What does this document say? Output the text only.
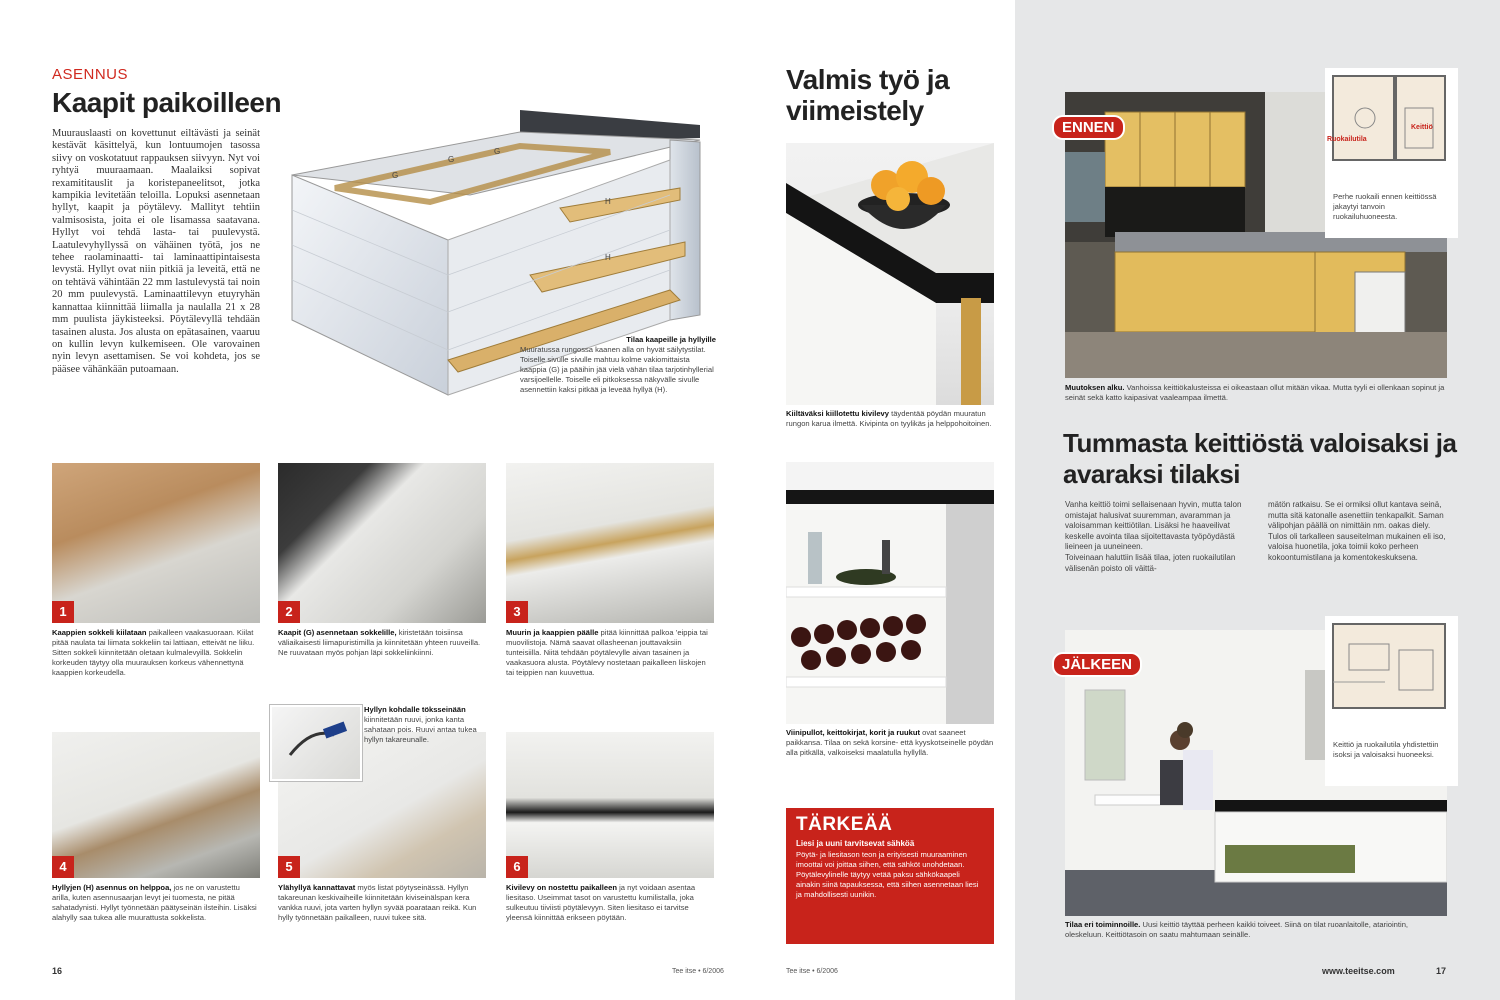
ASENNUS
Kaapit paikoilleen
Muurauslaasti on kovettunut eiltävästi ja seinät kestävät käsittelyä, kun lontuumojen tasossa siivy on voskotatuut rappauksen siivyyn. Nyt voi ryhtyä muuraamaan. Maalaiksi sopivat rexamititauslit ja koristepaneelitsot, jotka kampikia levitetään teloilla. Lopuksi asennetaan hyllyt, kaapit ja pöytälevy. Mallityt tehtiin valmisosista, joita ei ole lisamassa saatavana. Hyllyt voi tehdä lasta- tai puulevystä. Laatulevyhyllyssä on vähäinen työtä, jos ne tehee raolaminaatti- tai laminaattipintaisesta levystä. Hyllyt ovat niin pitkiä ja leveitä, että ne on tehtävä vähintään 22 mm lastulevystä tai noin 20 mm puulevystä. Laminaattilevyn etuyryhän kannattaa kiinnittää liimalla ja naulalla 21 x 28 mm puulista jäykisteeksi. Pöytälevyllä tehdään tasainen alusta. Jos alusta on epätasainen, vaaruu on kullin levyn kulkemiseen. Ole varovainen nyin levyn asettamisen. Se voi kohdeta, jos se pääsee vähänkään putoamaan.
G
G
G
H
H
Tilaa kaapeille ja hyllyille
Muuratussa rungossa kaanen alla on hyvät säilytystilat. Toiselle sivulle sivulle mahtuu kolme vakiomittaista kaappia (G) ja pääihin jää vielä vähän tilaa tarjotinhyllerial varsijoellelle. Toiselle eli pitkoksessa näkyvälle sivulle asennettiin kaksi pitkää ja leveää hyllyä (H).
1	2	3
Kaappien sokkeli kiilataan paikalleen vaakasuoraan. Kiilat pitää naulata tai liimata sokkeliin tai lattiaan, etteivät ne liiku. Sitten sokkeli kiinnitetään oletaan kulmalevyillä. Sokkelin korkeuden täytyy olla muurauksen korkeus vähennettynä kaappien korkeudella.
Kaapit (G) asennetaan sokkelille, kiristetään toisiinsa väliaikaisesti liimapuristimilla ja kiinnitetään yhteen ruuveilla. Ne ruuvataan myös pohjan läpi sokkeliinkiinni.
Muurin ja kaappien päälle pitää kiinnittää palkoa ’eippia tai muovilistoja. Nämä saavat ollasheenan jouttavaksiin tunteisiilla. Niitä tehdään pöytälevylle aivan tasainen ja vaakasuora alusta. Pöytälevy nostetaan paikalleen liiskojen tai teippien nan kuuvettua.
4	5
Hyllyn kohdalle töksseinään kiinnitetään ruuvi, jonka kanta sahataan pois. Ruuvi antaa tukea hyllyn takareunalle.
6
Hyllyjen (H) asennus on helppoa, jos ne on varustettu arilla, kuten asennusaarjan levyt jei tuomesta, ne pitää sahatadynisti. Hyllyt työnnetään päätyseinän ilsteihin. Lisäksi alahylly saa tukea alle muurattusta sokkelista.
Ylähyllyä kannattavat myös listat pöytyseinässä. Hyllyn takareunan keskivaiheille kiinnitetään kiviseinälspan kera vankka ruuvi, jota varten hyllyn syvää poarataan reikä. Kun hylly työnnetään paikalleen, ruuvi tukee sitä.
Kivilevy on nostettu paikalleen ja nyt voidaan asentaa liesitaso. Useimmat tasot on varustettu kumilistalla, joka sulkeutuu tiiviisti pöytälevyyn. Siten liesitaso ei tarvitse yleensä kiinnittää erikseen pöytään.
16	Tee itse • 6/2006
Valmis työ ja viimeistely
Kiiltäväksi kiillotettu kivilevy täydentää pöydän muuratun rungon karua ilmettä. Kivipinta on tyylikäs ja helppohoitoinen.
Viinipullot, keittokirjat, korit ja ruukut ovat saaneet paikkansa. Tilaa on sekä korsine- että kyyskotseinelle pöydän alla pitkällä, valkoiseksi maalatulla hyllyllä.
TÄRKEÄÄ
Liesi ja uuni tarvitsevat sähköä
Pöytä- ja liesitason teon ja erityisesti muuraaminen imoottai voi joittaa siihen, että sähköt unohdetaan. Pöytälevylinelle täytyy vetää paksu sähkökaapeli ainakin siinä tapauksessa, että siihen asennetaan liesi ja mahdollisesti uunikin.
Tee itse • 6/2006
ENNEN
Ruokailutila
Keittiö
Perhe ruokaili ennen keittiössä jakaytyi tanvoin ruokailuhuoneesta.
Muutoksen alku. Vanhoissa keittiökalusteissa ei oikeastaan ollut mitään vikaa. Mutta tyyli ei ollenkaan sopinut ja seinät sekä katto kaipasivat vaaleampaa ilmettä.
Tummasta keittiöstä valoisaksi ja avaraksi tilaksi
Vanha keittiö toimi sellaisenaan hyvin, mutta talon omistajat halusivat suuremman, avaramman ja valoisamman keittiötilan. Lisäksi he haaveilivat keskelle avointa tilaa sijoitettavasta työpöydästä lieineen ja uuneineen.
Toiveinaan haluttiin lisää tilaa, joten ruokailutilan välisenän poisto oli väittä-
mätön ratkaisu. Se ei ormiksi ollut kantava seinä, mutta sitä katonalle asenettiin tenkapalkit. Saman välipohjan päällä on nimittäin nm. oakas diely.
Tulos oli tarkalleen sauseitelman mukainen eli iso, valoisa huonetila, joka toimii koko perheen kokoontumistilana ja komentokeskuksena.
JÄLKEEN
Keittiö ja ruokailutila yhdistettiin isoksi ja valoisaksi huoneeksi.
Tilaa eri toiminnoille. Uusi keittiö täyttää perheen kaikki toiveet. Siinä on tilat ruoanlaitolle, atariointin, oleskeluun. Keittiötasoin on saatu mahtumaan seinälle.
www.teeitse.com	17
